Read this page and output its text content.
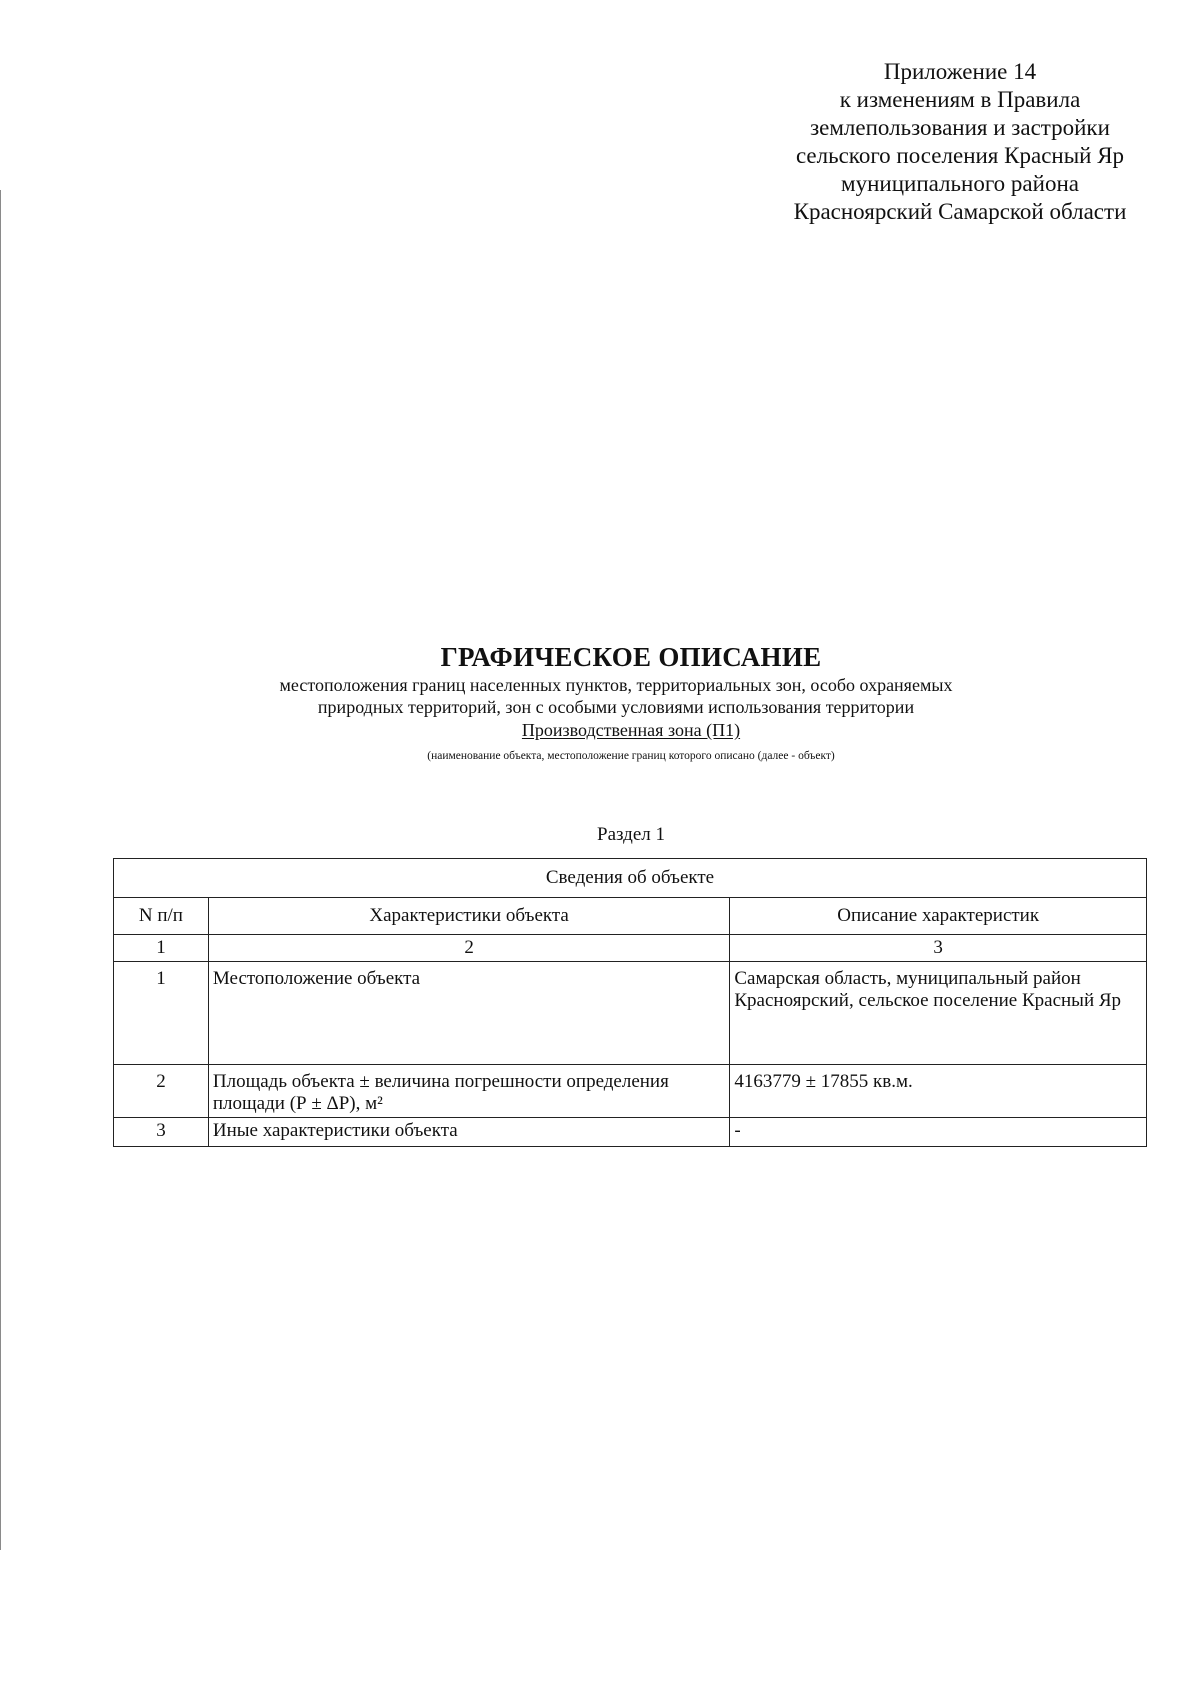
Приложение 14
к изменениям в Правила
землепользования и застройки
сельского поселения Красный Яр
муниципального района
Красноярский Самарской области
ГРАФИЧЕСКОЕ ОПИСАНИЕ
местоположения границ населенных пунктов, территориальных зон, особо охраняемых
природных территорий, зон с особыми условиями использования территории
Производственная зона (П1)
(наименование объекта, местоположение границ которого описано (далее - объект)
Раздел 1
Сведения об объекте		
N п/п	Характеристики объекта	Описание характеристик
1	2	3
1	Местоположение объекта	Самарская область, муниципальный район Красноярский, сельское поселение Красный Яр
2	Площадь объекта ± величина погрешности определения площади (Р ± ΔР), м²	4163779 ± 17855 кв.м.
3	Иные характеристики объекта	-
